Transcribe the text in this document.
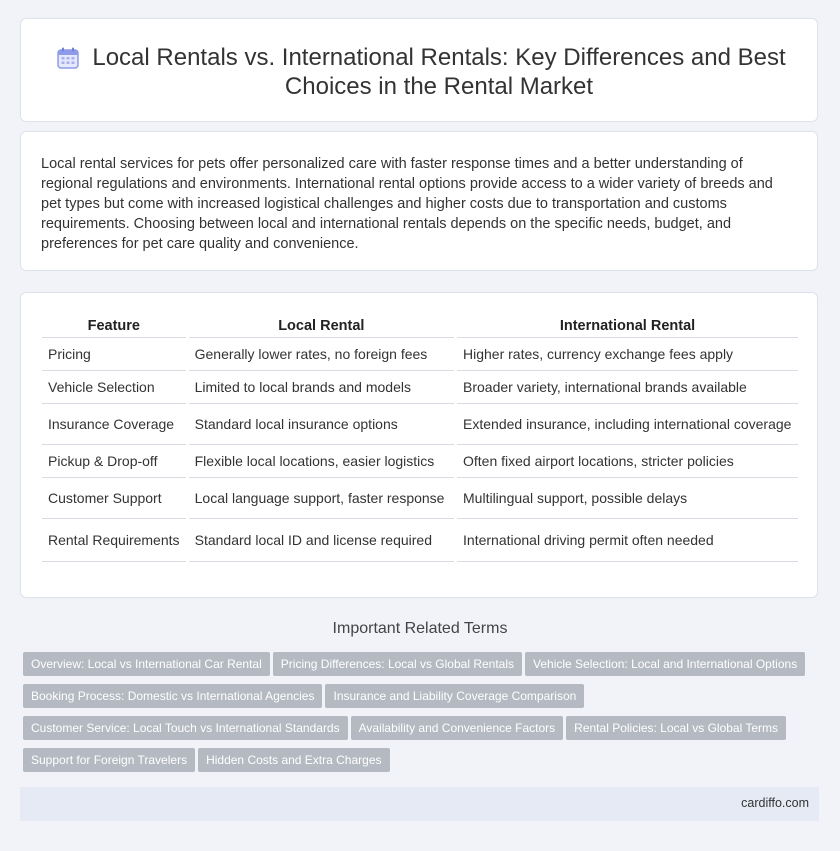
Local Rentals vs. International Rentals: Key Differences and Best Choices in the Rental Market
Local rental services for pets offer personalized care with faster response times and a better understanding of regional regulations and environments. International rental options provide access to a wider variety of breeds and pet types but come with increased logistical challenges and higher costs due to transportation and customs requirements. Choosing between local and international rentals depends on the specific needs, budget, and preferences for pet care quality and convenience.
Feature	Local Rental	International Rental
Pricing	Generally lower rates, no foreign fees	Higher rates, currency exchange fees apply
Vehicle Selection	Limited to local brands and models	Broader variety, international brands available
Insurance Coverage	Standard local insurance options	Extended insurance, including international coverage
Pickup & Drop-off	Flexible local locations, easier logistics	Often fixed airport locations, stricter policies
Customer Support	Local language support, faster response	Multilingual support, possible delays
Rental Requirements	Standard local ID and license required	International driving permit often needed
Important Related Terms
Overview: Local vs International Car Rental Pricing Differences: Local vs Global Rentals Vehicle Selection: Local and International Options
Booking Process: Domestic vs International Agencies Insurance and Liability Coverage Comparison
Customer Service: Local Touch vs International Standards Availability and Convenience Factors Rental Policies: Local vs Global Terms
Support for Foreign Travelers Hidden Costs and Extra Charges
cardiffo.com
